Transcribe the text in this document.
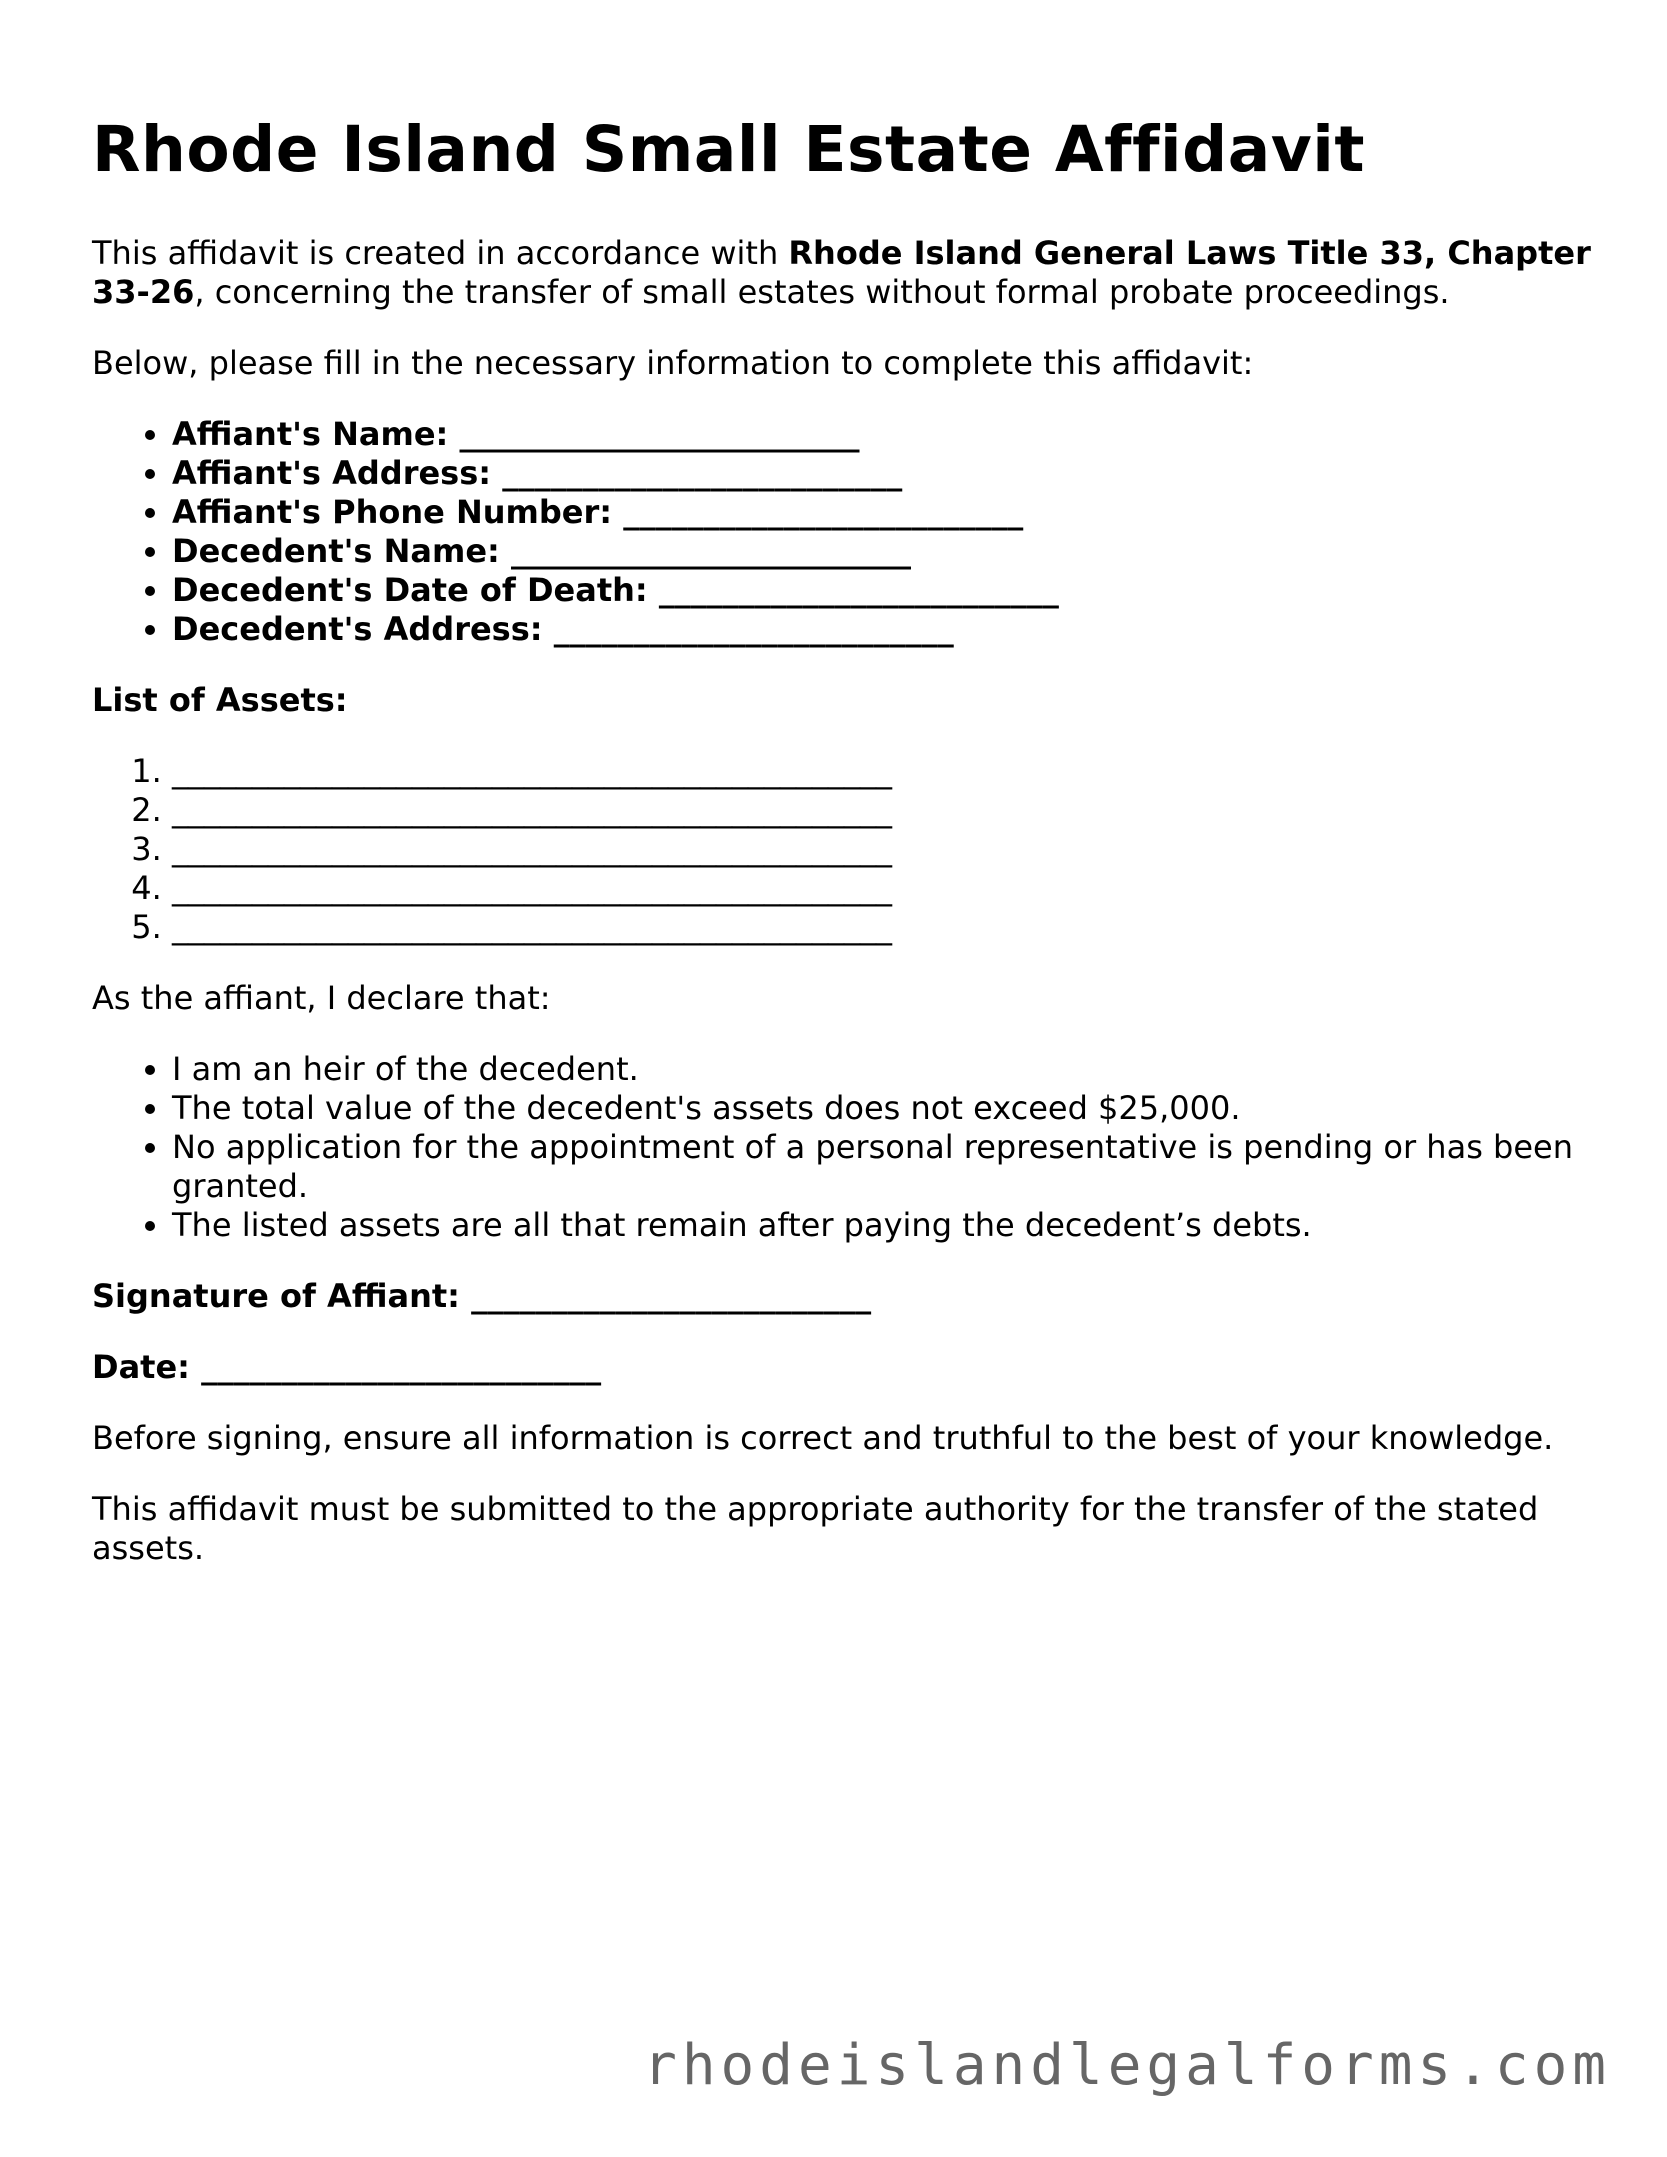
Rhode Island Small Estate Affidavit

This affidavit is created in accordance with Rhode Island General Laws Title 33, Chapter 33-26, concerning the transfer of small estates without formal probate proceedings.

Below, please fill in the necessary information to complete this affidavit:

• Affiant's Name: _________________________
• Affiant's Address: _________________________
• Affiant's Phone Number: _________________________
• Decedent's Name: _________________________
• Decedent's Date of Death: _________________________
• Decedent's Address: _________________________

List of Assets:

1. _____________________________________________
2. _____________________________________________
3. _____________________________________________
4. _____________________________________________
5. _____________________________________________

As the affiant, I declare that:

• I am an heir of the decedent.
• The total value of the decedent's assets does not exceed $25,000.
• No application for the appointment of a personal representative is pending or has been granted.
• The listed assets are all that remain after paying the decedent’s debts.

Signature of Affiant: _________________________

Date: _________________________

Before signing, ensure all information is correct and truthful to the best of your knowledge.

This affidavit must be submitted to the appropriate authority for the transfer of the stated assets.

rhodeislandlegalforms.com
